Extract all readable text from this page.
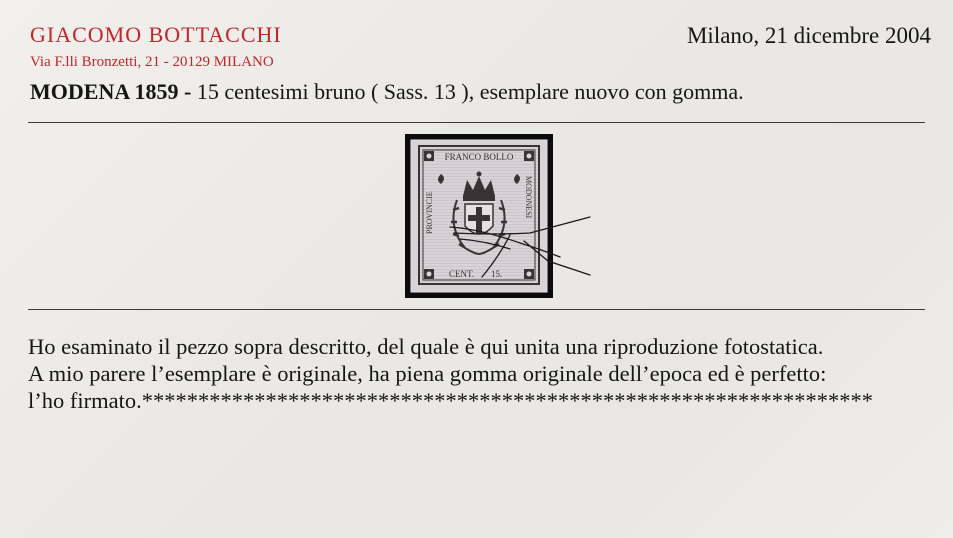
GIACOMO BOTTACCHI
Via F.lli Bronzetti, 21 - 20129 MILANO
Milano, 21 dicembre 2004
MODENA 1859 - 15 centesimi bruno ( Sass. 13 ), esemplare nuovo con gomma.
FRANCO BOLLO
PROVINCIE	MODONESI
CENT. 15.
Ho esaminato il pezzo sopra descritto, del quale è qui unita una riproduzione fotostatica.
A mio parere l’esemplare è originale, ha piena gomma originale dell’epoca ed è perfetto:
l’ho firmato.*****************************************************************
